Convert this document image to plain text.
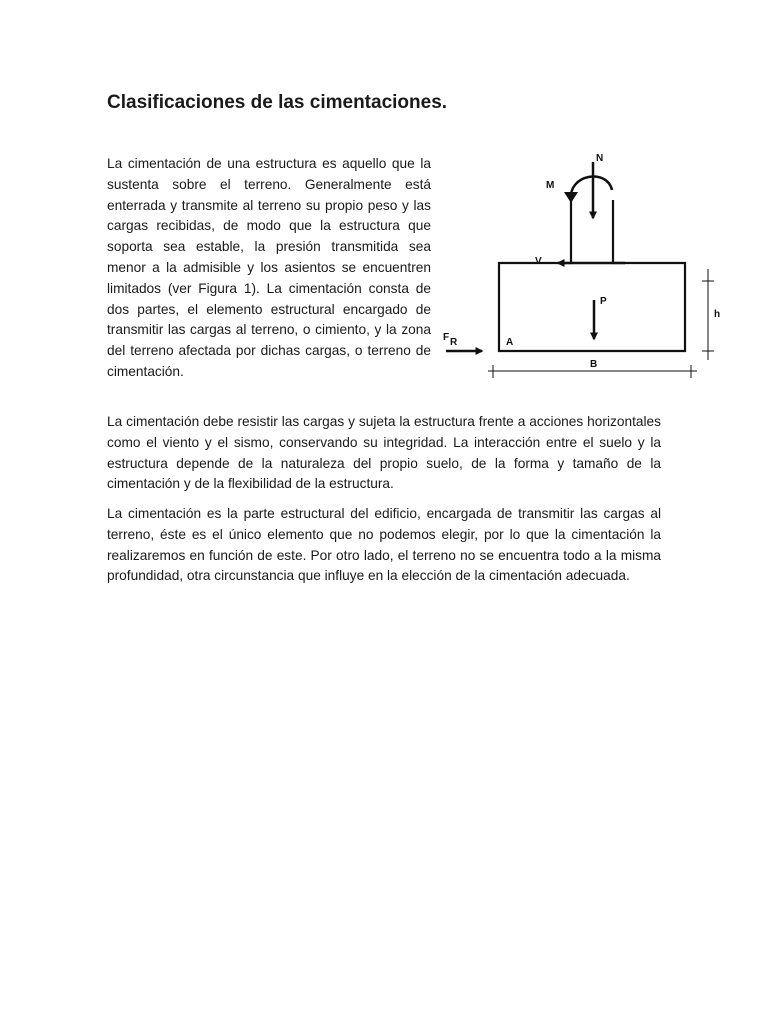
Clasificaciones de las cimentaciones.

La cimentación de una estructura es aquello que la sustenta sobre el terreno. Generalmente está enterrada y transmite al terreno su propio peso y las cargas recibidas, de modo que la estructura que soporta sea estable, la presión transmitida sea menor a la admisible y los asientos se encuentren limitados (ver Figura 1). La cimentación consta de dos partes, el elemento estructural encargado de transmitir las cargas al terreno, o cimiento, y la zona del terreno afectada por dichas cargas, o terreno de cimentación.

N
M
V
P
h
A
B
F R

La cimentación debe resistir las cargas y sujeta la estructura frente a acciones horizontales como el viento y el sismo, conservando su integridad. La interacción entre el suelo y la estructura depende de la naturaleza del propio suelo, de la forma y tamaño de la cimentación y de la flexibilidad de la estructura.

La cimentación es la parte estructural del edificio, encargada de transmitir las cargas al terreno, éste es el único elemento que no podemos elegir, por lo que la cimentación la realizaremos en función de este. Por otro lado, el terreno no se encuentra todo a la misma profundidad, otra circunstancia que influye en la elección de la cimentación adecuada.
